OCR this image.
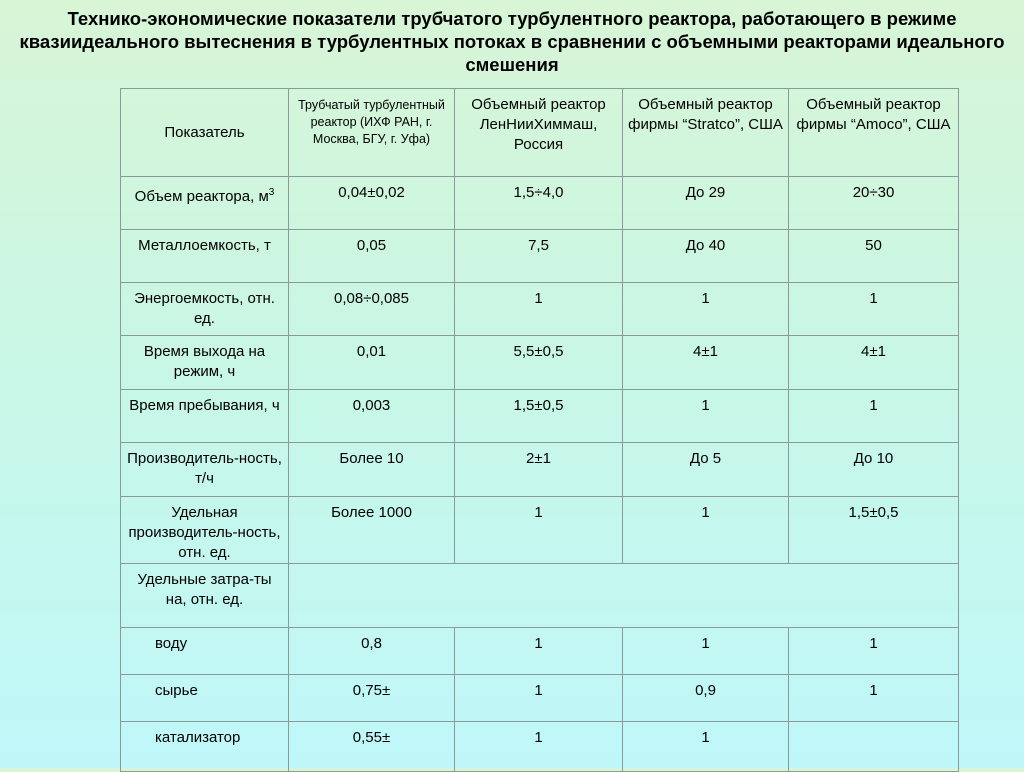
Технико-экономические показатели трубчатого турбулентного реактора, работающего в режиме квазиидеального вытеснения в турбулентных потоках в сравнении с объемными реакторами идеального смешения
Показатель	Трубчатый турбулентный реактор (ИХФ РАН, г. Москва, БГУ, г. Уфа)	Объемный реактор ЛенНииХиммаш, Россия	Объемный реактор фирмы “Stratco”, США	Объемный реактор фирмы “Amoco”, США
Объем реактора, $м^3$	0,04±0,02	1,5÷4,0	До 29	20÷30
Металлоемкость, т	0,05	7,5	До 40	50
Энергоемкость, отн. ед.	0,08÷0,085	1	1	1
Время выхода на режим, ч	0,01	5,5±0,5	4±1	4±1
Время пребывания, ч	0,003	1,5±0,5	1	1
Производитель-ность, т/ч	Более 10	2±1	До 5	До 10
Удельная производитель-ность, отн. ед.	Более 1000	1	1	1,5±0,5
Удельные затра-ты на, отн. ед.				
воду	0,8	1	1	1
сырье	0,75±	1	0,9	1
катализатор	0,55±	1	1	
